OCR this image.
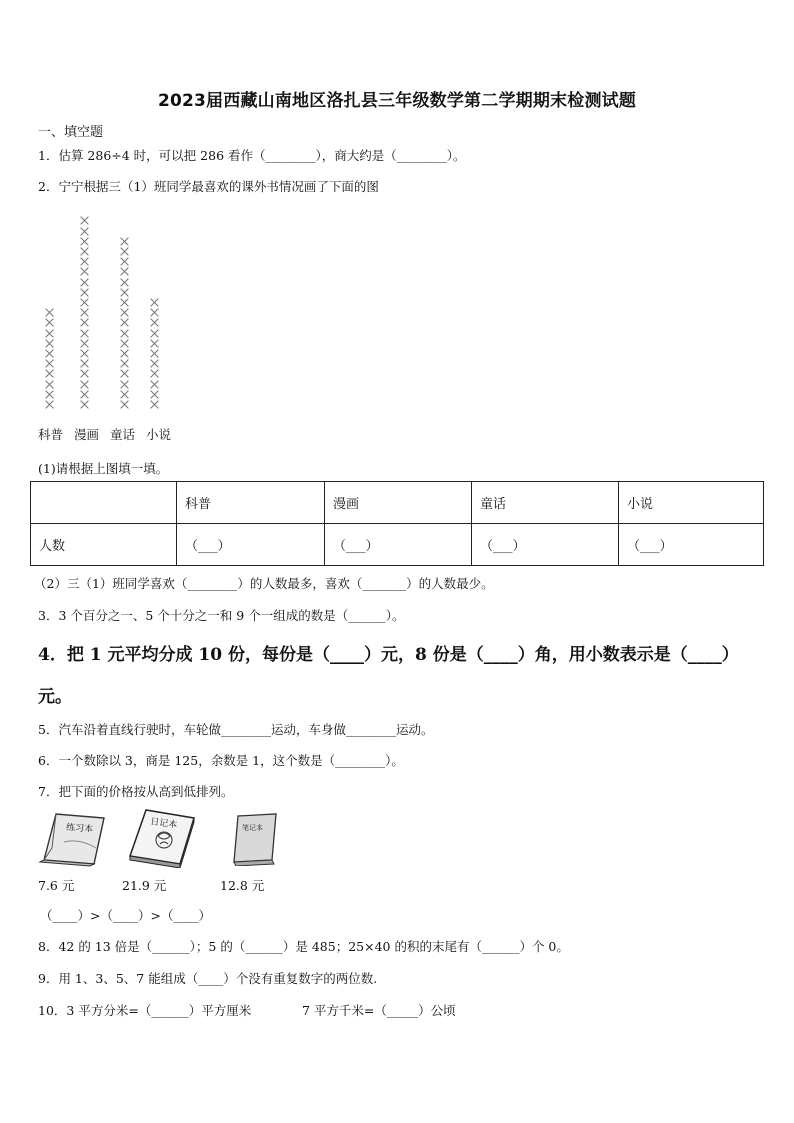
2023届西藏山南地区洛扎县三年级数学第二学期期末检测试题
一、填空题
1．估算 286÷4 时，可以把 286 看作（________），商大约是（________）。
2．宁宁根据三（1）班同学最喜欢的课外书情况画了下面的图
科普 漫画 童话 小说
(1)请根据上图填一填。
	科普	漫画	童话	小说
人数	（___）	（___）	（___）	（___）
（2）三（1）班同学喜欢（________）的人数最多，喜欢（_______）的人数最少。
3．3 个百分之一、5 个十分之一和 9 个一组成的数是（______）。
4．把 1 元平均分成 10 份，每份是（____）元，8 份是（____）角，用小数表示是（____）
元。
5．汽车沿着直线行驶时，车轮做________运动，车身做________运动。
6．一个数除以 3，商是 125，余数是 1，这个数是（________）。
7．把下面的价格按从高到低排列。
练习本	日记本	笔记本
7.6 元	21.9 元	12.8 元
（____）>（____）>（____）
8．42 的 13 倍是（______）；5 的（______）是 485；25×40 的积的末尾有（______）个 0。
9．用 1、3、5、7 能组成（____）个没有重复数字的两位数.
10．3 平方分米=（______）平方厘米	7 平方千米=（_____）公顷
